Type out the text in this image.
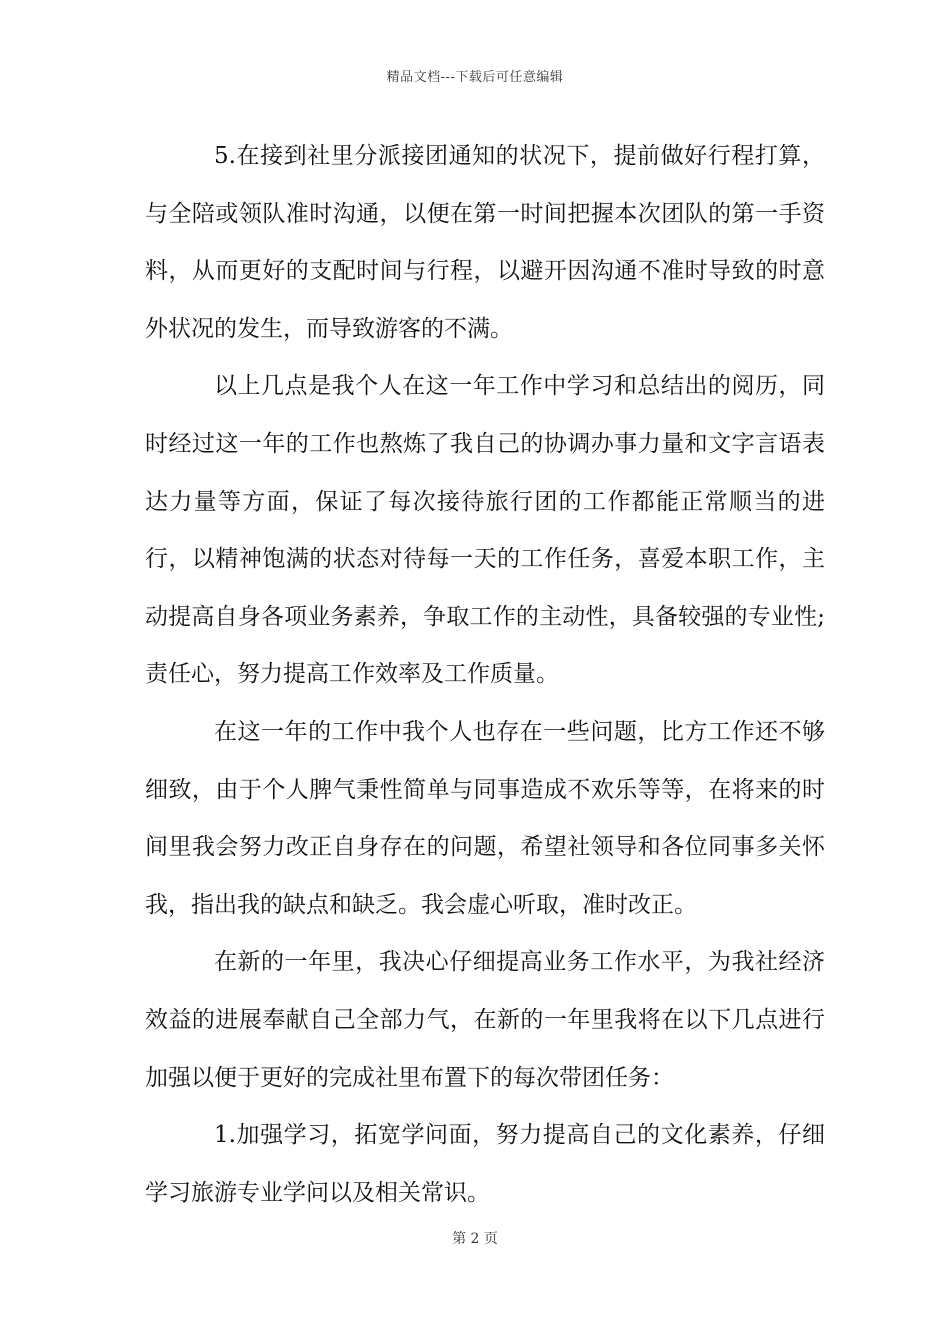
精品文档---下载后可任意编辑

5.在接到社里分派接团通知的状况下，提前做好行程打算，与全陪或领队准时沟通，以便在第一时间把握本次团队的第一手资料，从而更好的支配时间与行程，以避开因沟通不准时导致的时意外状况的发生，而导致游客的不满。

以上几点是我个人在这一年工作中学习和总结出的阅历，同时经过这一年的工作也熬炼了我自己的协调办事力量和文字言语表达力量等方面，保证了每次接待旅行团的工作都能正常顺当的进行，以精神饱满的状态对待每一天的工作任务，喜爱本职工作，主动提高自身各项业务素养，争取工作的主动性，具备较强的专业性;责任心，努力提高工作效率及工作质量。

在这一年的工作中我个人也存在一些问题，比方工作还不够细致，由于个人脾气秉性简单与同事造成不欢乐等等，在将来的时间里我会努力改正自身存在的问题，希望社领导和各位同事多关怀我，指出我的缺点和缺乏。我会虚心听取，准时改正。

在新的一年里，我决心仔细提高业务工作水平，为我社经济效益的进展奉献自己全部力气，在新的一年里我将在以下几点进行加强以便于更好的完成社里布置下的每次带团任务：

1.加强学习，拓宽学问面，努力提高自己的文化素养，仔细学习旅游专业学问以及相关常识。

第 2 页
